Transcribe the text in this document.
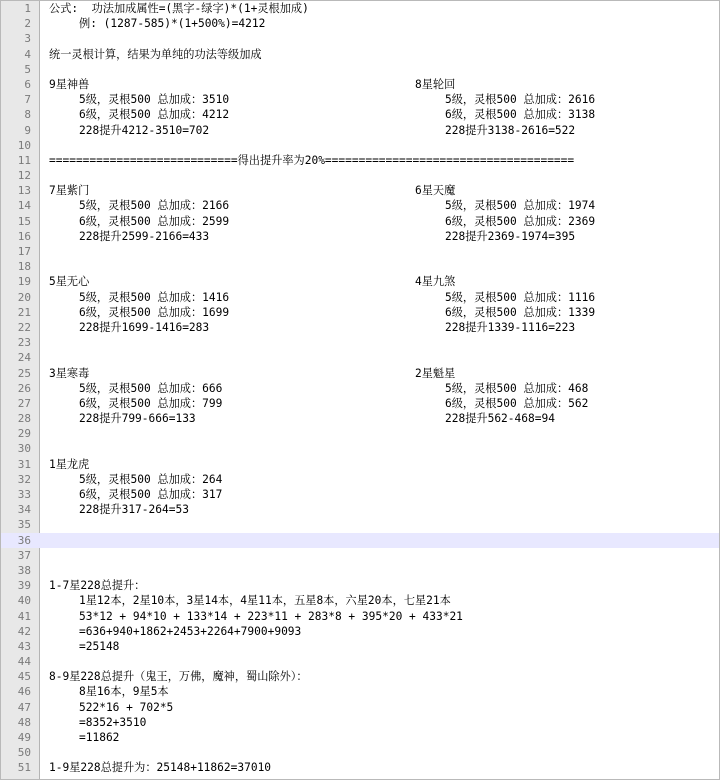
1 公式:  功法加成属性=(黑字-绿字)*(1+灵根加成)
2	例: (1287-585)*(1+500%)=4212
3
4 统一灵根计算，结果为单纯的功法等级加成
5
6 9星神兽	8星轮回
7	5级，灵根500 总加成：3510	5级，灵根500 总加成：2616
8	6级，灵根500 总加成：4212	6级，灵根500 总加成：3138
9	228提升4212-3510=702	228提升3138-2616=522
10
11 ============================得出提升率为20%=====================================
12
13 7星紫门	6星天魔
14	5级，灵根500 总加成：2166	5级，灵根500 总加成：1974
15	6级，灵根500 总加成：2599	6级，灵根500 总加成：2369
16	228提升2599-2166=433	228提升2369-1974=395
17
18
19 5星无心	4星九煞
20	5级，灵根500 总加成：1416	5级，灵根500 总加成：1116
21	6级，灵根500 总加成：1699	6级，灵根500 总加成：1339
22	228提升1699-1416=283	228提升1339-1116=223
23
24
25 3星寒毒	2星魁星
26	5级，灵根500 总加成：666	5级，灵根500 总加成：468
27	6级，灵根500 总加成：799	6级，灵根500 总加成：562
28	228提升799-666=133	228提升562-468=94
29
30
31 1星龙虎
32	5级，灵根500 总加成：264
33	6级，灵根500 总加成：317
34	228提升317-264=53
35
36
37
38
39 1-7星228总提升：
40	1星12本，2星10本，3星14本，4星11本，五星8本，六星20本，七星21本
41	53*12 + 94*10 + 133*14 + 223*11 + 283*8 + 395*20 + 433*21
42	=636+940+1862+2453+2264+7900+9093
43	=25148
44
45 8-9星228总提升（鬼王，万佛，魔神，蜀山除外）：
46	8星16本，9星5本
47	522*16 + 702*5
48	=8352+3510
49	=11862
50
51 1-9星228总提升为：25148+11862=37010
